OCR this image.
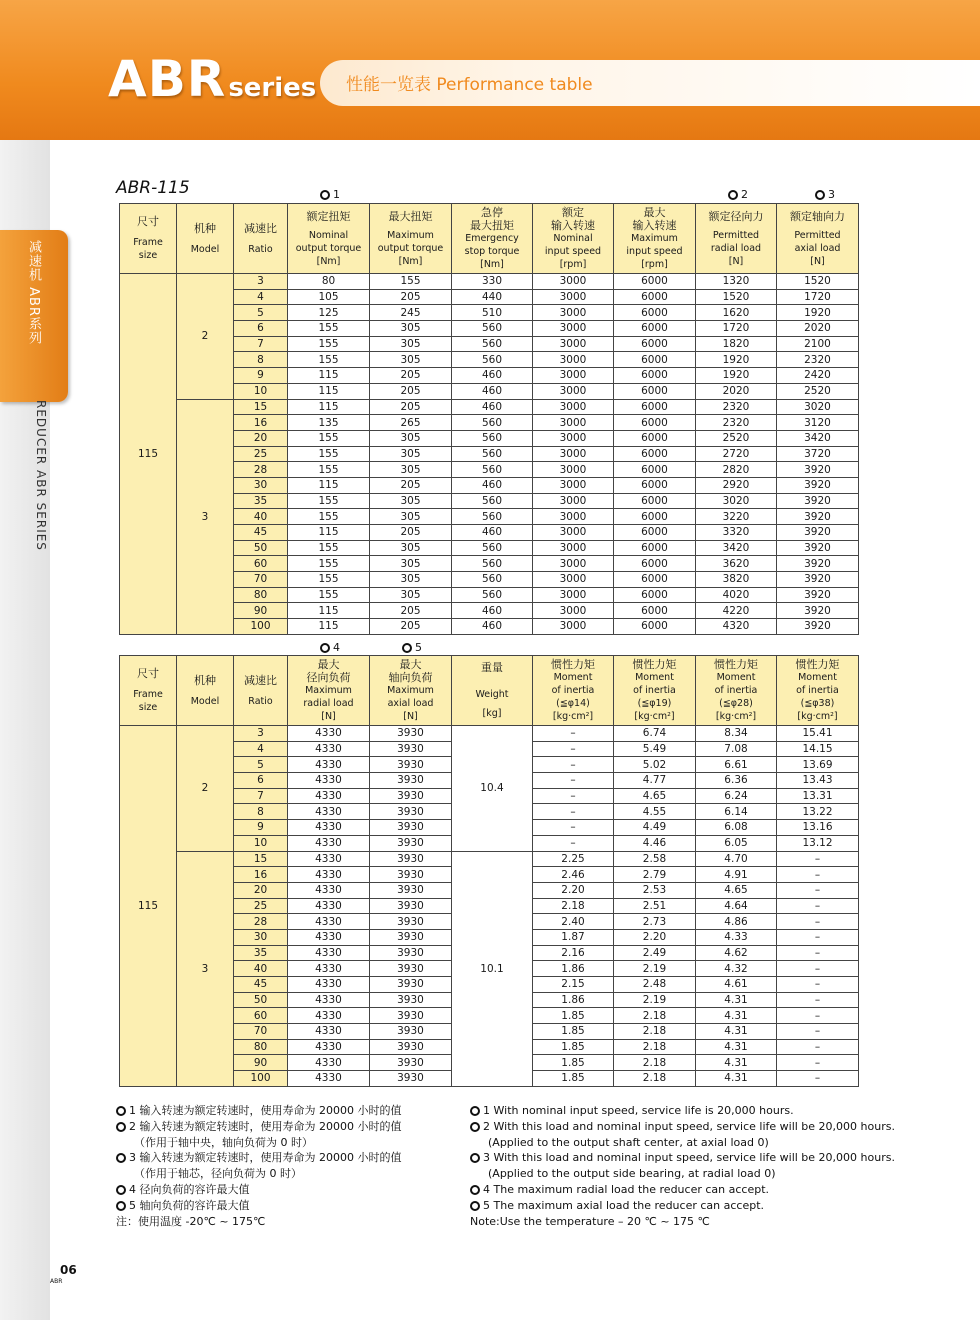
ABRseries 性能一览表 Performance table
减速机 ABR系列
REDUCER ABR SERIES
ABR-115	1	2	3
尺寸
Frame
size	机种
Model	减速比
Ratio	额定扭矩
Nominal
output torque
[Nm]	最大扭矩
Maximum
output torque
[Nm]	急停
最大扭矩
Emergency
stop torque
[Nm]	额定
输入转速
Nominal
input speed
[rpm]	最大
输入转速
Maximum
input speed
[rpm]	额定径向力
Permitted
radial load
[N]	额定轴向力
Permitted
axial load
[N]

115	2	3	80	155	330	3000	6000	1320	1520
		4	105	205	440	3000	6000	1520	1720
		5	125	245	510	3000	6000	1620	1920
		6	155	305	560	3000	6000	1720	2020
		7	155	305	560	3000	6000	1820	2100
		8	155	305	560	3000	6000	1920	2320
		9	115	205	460	3000	6000	1920	2420
		10	115	205	460	3000	6000	2020	2520
	3	15	115	205	460	3000	6000	2320	3020
		16	135	265	560	3000	6000	2320	3120
		20	155	305	560	3000	6000	2520	3420
		25	155	305	560	3000	6000	2720	3720
		28	155	305	560	3000	6000	2820	3920
		30	115	205	460	3000	6000	2920	3920
		35	155	305	560	3000	6000	3020	3920
		40	155	305	560	3000	6000	3220	3920
		45	115	205	460	3000	6000	3320	3920
		50	155	305	560	3000	6000	3420	3920
		60	155	305	560	3000	6000	3620	3920
		70	155	305	560	3000	6000	3820	3920
		80	155	305	560	3000	6000	4020	3920
		90	115	205	460	3000	6000	4220	3920
		100	115	205	460	3000	6000	4320	3920
4	5
尺寸
Frame
size	机种
Model	减速比
Ratio	最大
径向负荷
Maximum
radial load
[N]	最大
轴向负荷
Maximum
axial load
[N]	重量
Weight
[kg]	惯性力矩
Moment
of inertia
(≦φ14)
[kg·cm²]	惯性力矩
Moment
of inertia
(≦φ19)
[kg·cm²]	惯性力矩
Moment
of inertia
(≦φ28)
[kg·cm²]	惯性力矩
Moment
of inertia
(≦φ38)
[kg·cm²]

115	2	3	4330	3930	10.4	–	6.74	8.34	15.41
		4	4330	3930		–	5.49	7.08	14.15
		5	4330	3930		–	5.02	6.61	13.69
		6	4330	3930		–	4.77	6.36	13.43
		7	4330	3930		–	4.65	6.24	13.31
		8	4330	3930		–	4.55	6.14	13.22
		9	4330	3930		–	4.49	6.08	13.16
		10	4330	3930		–	4.46	6.05	13.12
	3	15	4330	3930	10.1	2.25	2.58	4.70	–
		16	4330	3930		2.46	2.79	4.91	–
		20	4330	3930		2.20	2.53	4.65	–
		25	4330	3930		2.18	2.51	4.64	–
		28	4330	3930		2.40	2.73	4.86	–
		30	4330	3930		1.87	2.20	4.33	–
		35	4330	3930		2.16	2.49	4.62	–
		40	4330	3930		1.86	2.19	4.32	–
		45	4330	3930		2.15	2.48	4.61	–
		50	4330	3930		1.86	2.19	4.31	–
		60	4330	3930		1.85	2.18	4.31	–
		70	4330	3930		1.85	2.18	4.31	–
		80	4330	3930		1.85	2.18	4.31	–
		90	4330	3930		1.85	2.18	4.31	–
		100	4330	3930		1.85	2.18	4.31	–
1 输入转速为额定转速时，使用寿命为 20000 小时的值
2 输入转速为额定转速时，使用寿命为 20000 小时的值
（作用于轴中央，轴向负荷为 0 时）
3 输入转速为额定转速时，使用寿命为 20000 小时的值
（作用于轴芯，径向负荷为 0 时）
4 径向负荷的容许最大值
5 轴向负荷的容许最大值
注：使用温度 -20℃ ~ 175℃
1 With nominal input speed, service life is 20,000 hours.
2 With this load and nominal input speed, service life will be 20,000 hours.
(Applied to the output shaft center, at axial load 0)
3 With this load and nominal input speed, service life will be 20,000 hours.
(Applied to the output side bearing, at radial load 0)
4 The maximum radial load the reducer can accept.
5 The maximum axial load the reducer can accept.
Note:Use the temperature – 20 ℃ ~ 175 ℃
06
ABR
